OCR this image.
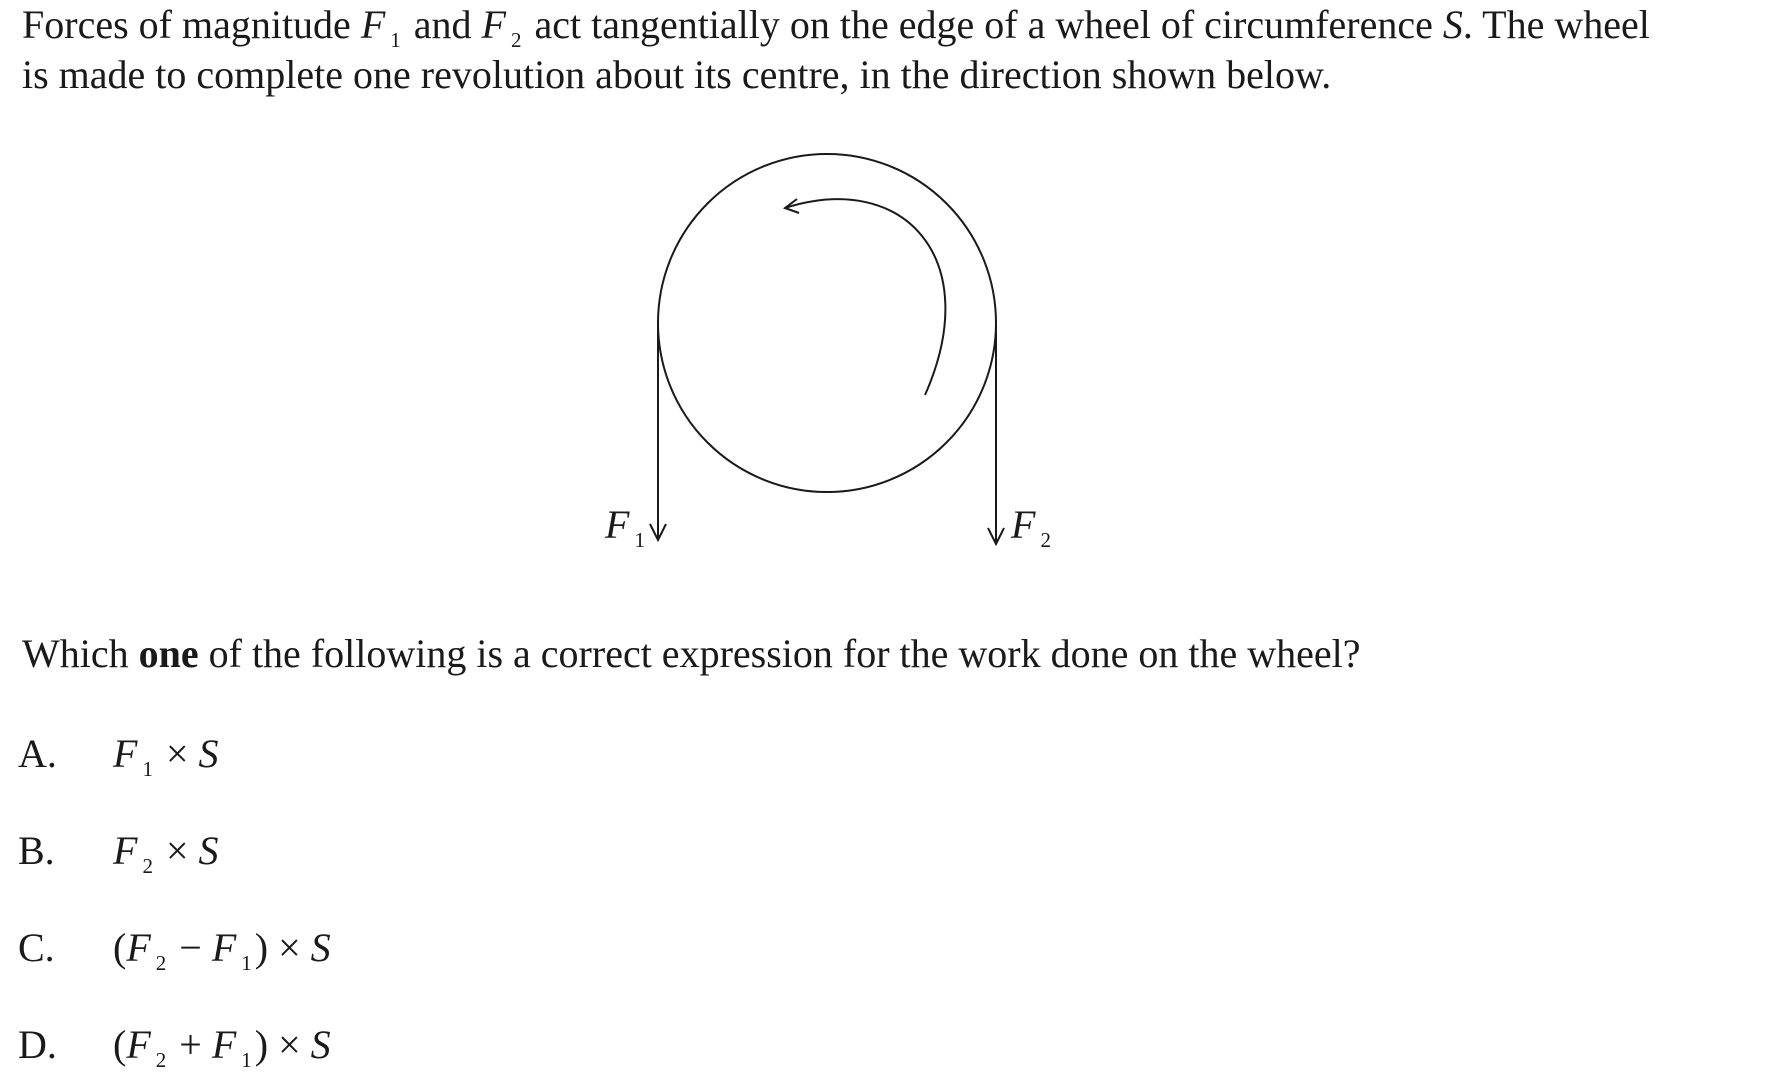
Forces of magnitude F $_1$ and F $_2$ act tangentially on the edge of a wheel of circumference S. The wheel
is made to complete one revolution about its centre, in the direction shown below.
F $_1$	F $_2$
Which one of the following is a correct expression for the work done on the wheel?
A. F $_1$ × S
B. F $_2$ × S
C. (F $_2$ − F $_1$) × S
D. (F $_2$ + F $_1$) × S
